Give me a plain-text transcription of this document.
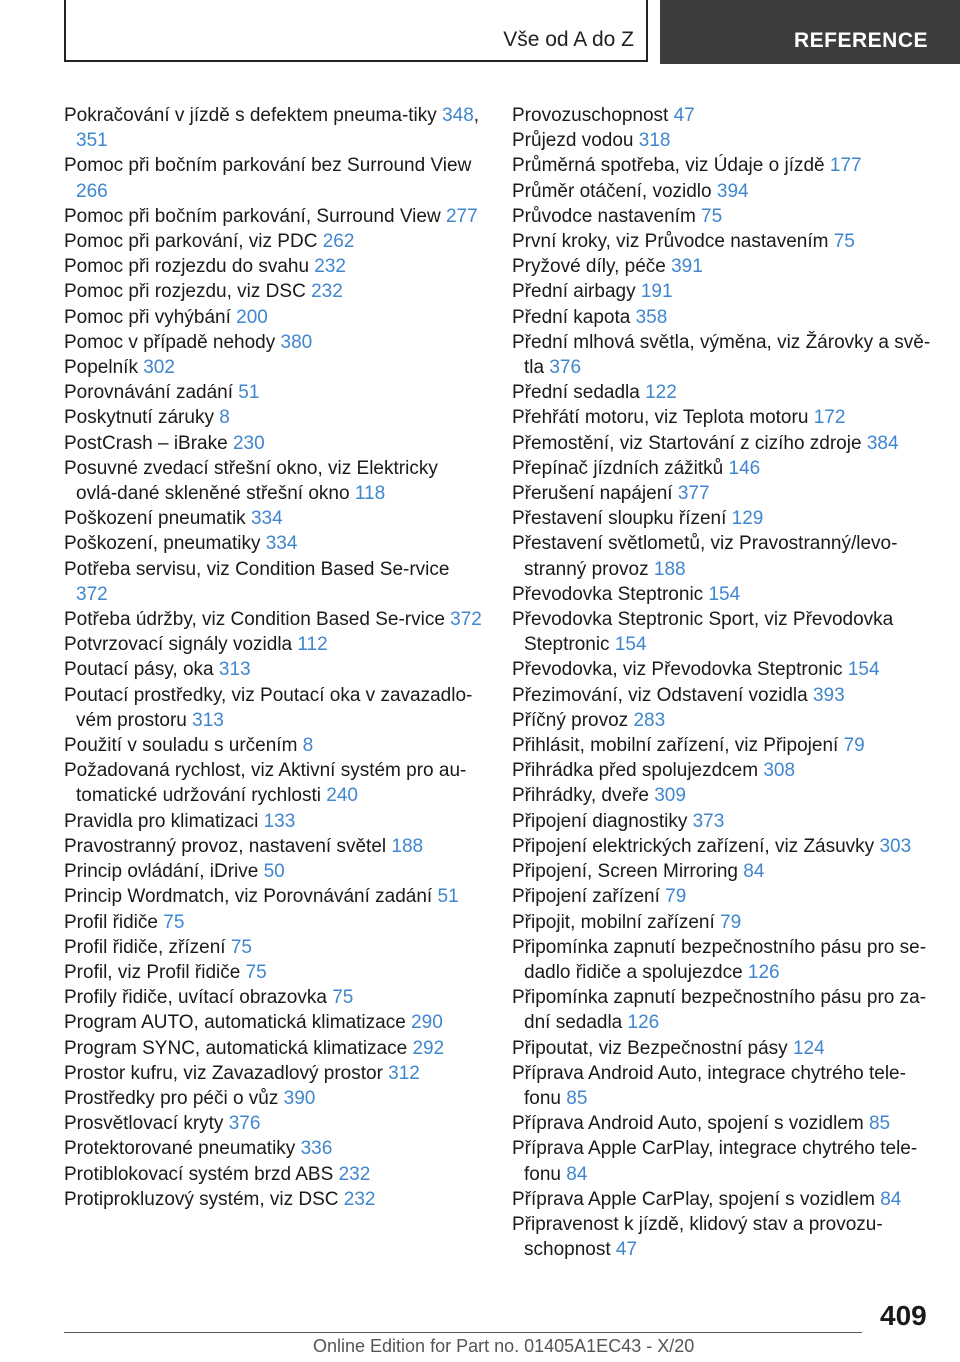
Vše od A do Z	REFERENCE

Pokračování v jízdě s defektem pneuma-tiky 348, 351

Pomoc při bočním parkování bez Surround View 266

Pomoc při bočním parkování, Surround View 277

Pomoc při parkování, viz PDC 262

Pomoc při rozjezdu do svahu 232

Pomoc při rozjezdu, viz DSC 232

Pomoc při vyhýbání 200

Pomoc v případě nehody 380

Popelník 302

Porovnávání zadání 51

Poskytnutí záruky 8

PostCrash – iBrake 230

Posuvné zvedací střešní okno, viz Elektricky ovlá-dané skleněné střešní okno 118

Poškození pneumatik 334

Poškození, pneumatiky 334

Potřeba servisu, viz Condition Based Se-rvice 372

Potřeba údržby, viz Condition Based Se-rvice 372

Potvrzovací signály vozidla 112

Poutací pásy, oka 313

Poutací prostředky, viz Poutací oka v zavazadlo-vém prostoru 313

Použití v souladu s určením 8

Požadovaná rychlost, viz Aktivní systém pro au-tomatické udržování rychlosti 240

Pravidla pro klimatizaci 133

Pravostranný provoz, nastavení světel 188

Princip ovládání, iDrive 50

Princip Wordmatch, viz Porovnávání zadání 51

Profil řidiče 75

Profil řidiče, zřízení 75

Profil, viz Profil řidiče 75

Profily řidiče, uvítací obrazovka 75

Program AUTO, automatická klimatizace 290

Program SYNC, automatická klimatizace 292

Prostor kufru, viz Zavazadlový prostor 312

Prostředky pro péči o vůz 390

Prosvětlovací kryty 376

Protektorované pneumatiky 336

Protiblokovací systém brzd ABS 232

Protiprokluzový systém, viz DSC 232

Provozuschopnost 47

Průjezd vodou 318

Průměrná spotřeba, viz Údaje o jízdě 177

Průměr otáčení, vozidlo 394

Průvodce nastavením 75

První kroky, viz Průvodce nastavením 75

Pryžové díly, péče 391

Přední airbagy 191

Přední kapota 358

Přední mlhová světla, výměna, viz Žárovky a svě-tla 376

Přední sedadla 122

Přehřátí motoru, viz Teplota motoru 172

Přemostění, viz Startování z cizího zdroje 384

Přepínač jízdních zážitků 146

Přerušení napájení 377

Přestavení sloupku řízení 129

Přestavení světlometů, viz Pravostranný/levo-stranný provoz 188

Převodovka Steptronic 154

Převodovka Steptronic Sport, viz Převodovka Steptronic 154

Převodovka, viz Převodovka Steptronic 154

Přezimování, viz Odstavení vozidla 393

Příčný provoz 283

Přihlásit, mobilní zařízení, viz Připojení 79

Přihrádka před spolujezdcem 308

Přihrádky, dveře 309

Připojení diagnostiky 373

Připojení elektrických zařízení, viz Zásuvky 303

Připojení, Screen Mirroring 84

Připojení zařízení 79

Připojit, mobilní zařízení 79

Připomínka zapnutí bezpečnostního pásu pro se-dadlo řidiče a spolujezdce 126

Připomínka zapnutí bezpečnostního pásu pro za-dní sedadla 126

Připoutat, viz Bezpečnostní pásy 124

Příprava Android Auto, integrace chytrého tele-fonu 85

Příprava Android Auto, spojení s vozidlem 85

Příprava Apple CarPlay, integrace chytrého tele-fonu 84

Příprava Apple CarPlay, spojení s vozidlem 84

Připravenost k jízdě, klidový stav a provozu-schopnost 47

409
Online Edition for Part no. 01405A1EC43 - X/20
